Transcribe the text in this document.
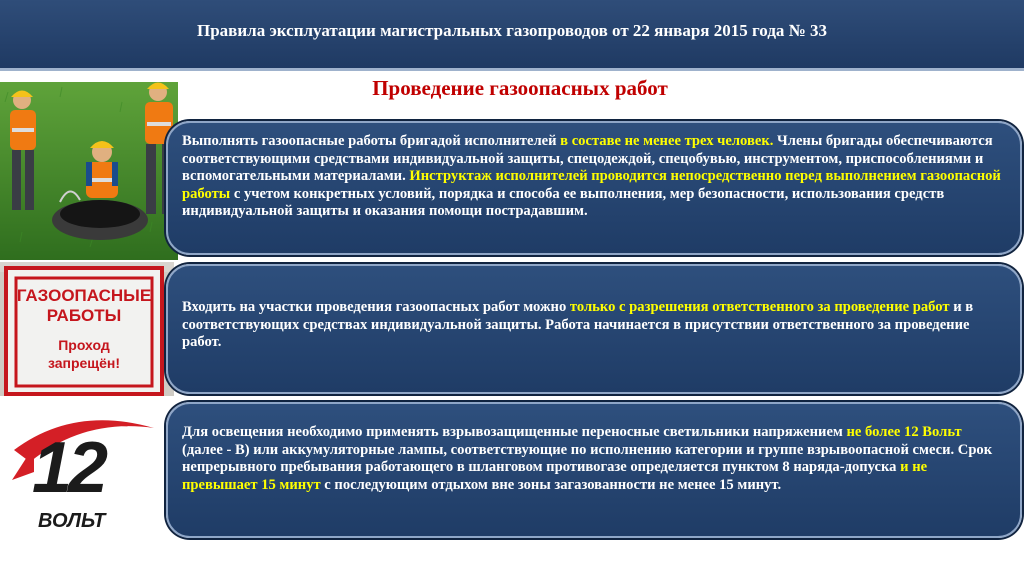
Правила эксплуатации магистральных газопроводов от 22 января 2015 года № 33
Проведение газоопасных работ
ГАЗООПАСНЫЕ
РАБОТЫ
Проход
запрещён!
12
ВОЛЬТ
Выполнять газоопасные работы бригадой исполнителей в составе не менее трех человек. Члены бригады обеспечиваются соответствующими средствами индивидуальной защиты, спецодеждой, спецобувью, инструментом, приспособлениями и вспомогательными материалами. Инструктаж исполнителей проводится непосредственно перед выполнением газоопасной работы с учетом конкретных условий, порядка и способа ее выполнения, мер безопасности, использования средств индивидуальной защиты и оказания помощи пострадавшим.
Входить на участки проведения газоопасных работ можно только с разрешения ответственного за проведение работ и в соответствующих средствах индивидуальной защиты. Работа начинается в присутствии ответственного за проведение работ.
Для освещения необходимо применять взрывозащищенные переносные светильники напряжением не более 12 Вольт (далее - В) или аккумуляторные лампы, соответствующие по исполнению категории и группе взрывоопасной смеси. Срок непрерывного пребывания работающего в шланговом противогазе определяется пунктом 8 наряда-допуска и не превышает 15 минут с последующим отдыхом вне зоны загазованности не менее 15 минут.
